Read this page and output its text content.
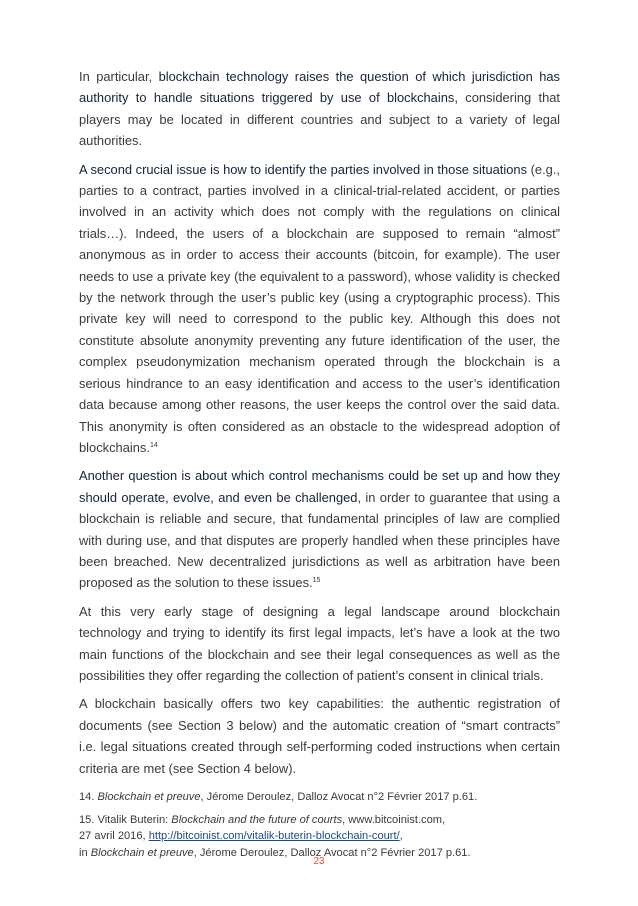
In particular, blockchain technology raises the question of which jurisdiction has authority to handle situations triggered by use of blockchains, considering that players may be located in different countries and subject to a variety of legal authorities.

A second crucial issue is how to identify the parties involved in those situations (e.g., parties to a contract, parties involved in a clinical-trial-related accident, or parties involved in an activity which does not comply with the regulations on clinical trials…). Indeed, the users of a blockchain are supposed to remain “almost” anonymous as in order to access their accounts (bitcoin, for example). The user needs to use a private key (the equivalent to a password), whose validity is checked by the network through the user’s public key (using a cryptographic process). This private key will need to correspond to the public key. Although this does not constitute absolute anonymity preventing any future identification of the user, the complex pseudonymization mechanism operated through the blockchain is a serious hindrance to an easy identification and access to the user’s identification data because among other reasons, the user keeps the control over the said data. This anonymity is often considered as an obstacle to the widespread adoption of blockchains.$^{14}$

Another question is about which control mechanisms could be set up and how they should operate, evolve, and even be challenged, in order to guarantee that using a blockchain is reliable and secure, that fundamental principles of law are complied with during use, and that disputes are properly handled when these principles have been breached. New decentralized jurisdictions as well as arbitration have been proposed as the solution to these issues.$^{15}$

At this very early stage of designing a legal landscape around blockchain technology and trying to identify its first legal impacts, let’s have a look at the two main functions of the blockchain and see their legal consequences as well as the possibilities they offer regarding the collection of patient’s consent in clinical trials.

A blockchain basically offers two key capabilities: the authentic registration of documents (see Section 3 below) and the automatic creation of “smart contracts” i.e. legal situations created through self-performing coded instructions when certain criteria are met (see Section 4 below).

14. Blockchain et preuve, Jérome Deroulez, Dalloz Avocat n°2 Février 2017 p.61.

15. Vitalik Buterin: Blockchain and the future of courts, www.bitcoinist.com,
27 avril 2016, http://bitcoinist.com/vitalik-buterin-blockchain-court/,
in Blockchain et preuve, Jérome Deroulez, Dalloz Avocat n°2 Février 2017 p.61.

23
